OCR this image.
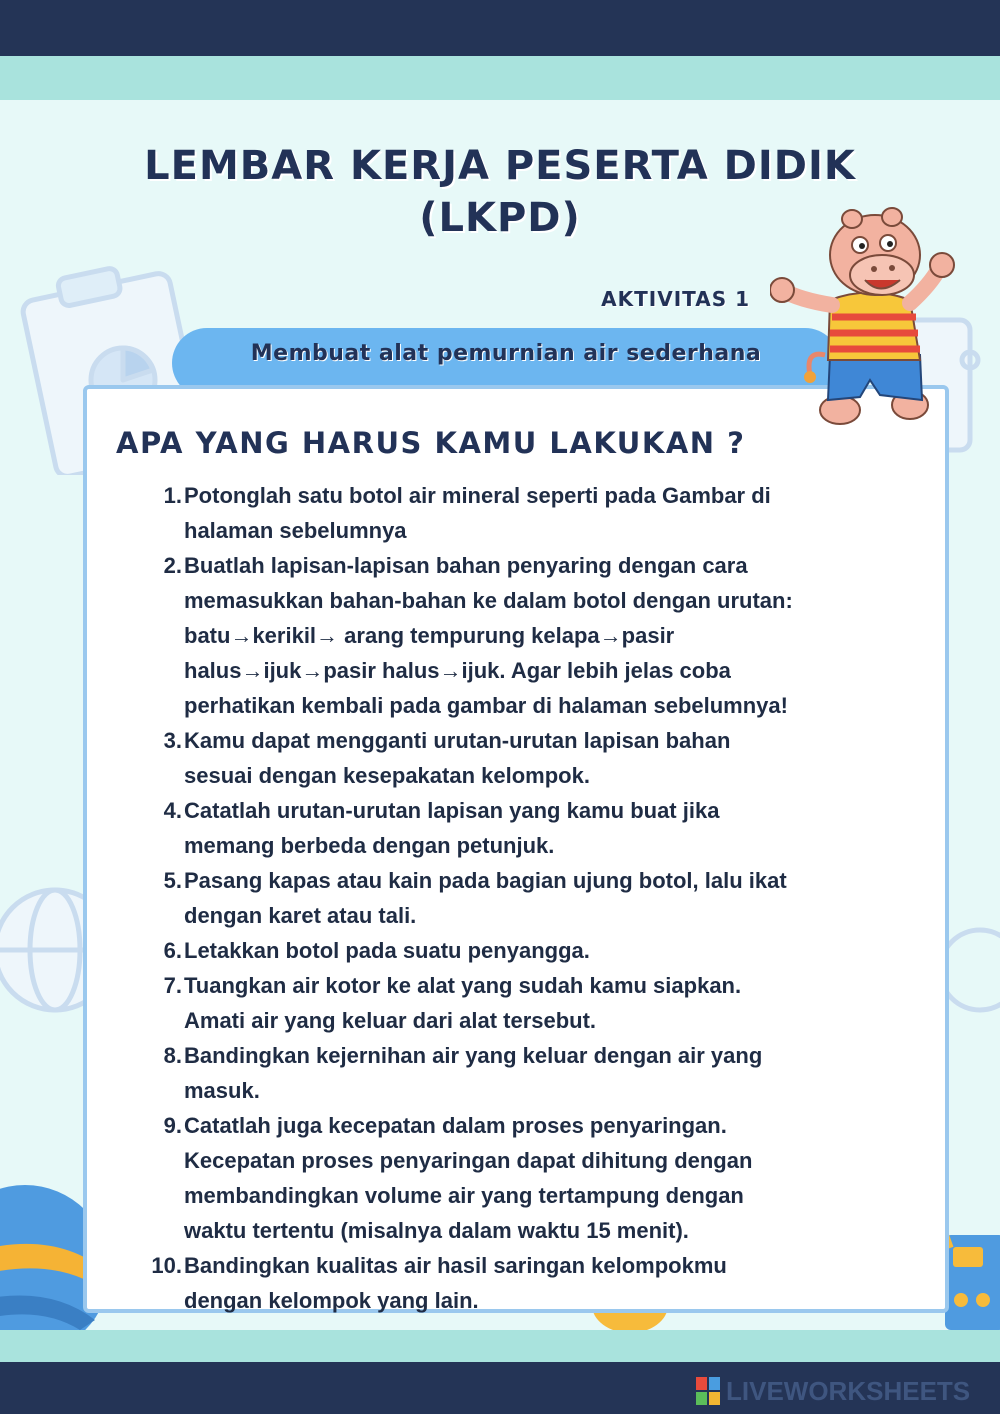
LEMBAR KERJA PESERTA DIDIK
(LKPD)
AKTIVITAS 1
Membuat alat pemurnian air sederhana
APA YANG HARUS KAMU LAKUKAN ?
1. Potonglah satu botol air mineral seperti pada Gambar di
halaman sebelumnya
2. Buatlah lapisan-lapisan bahan penyaring dengan cara
memasukkan bahan-bahan ke dalam botol dengan urutan:
batu→kerikil→ arang tempurung kelapa→pasir
halus→ijuk→pasir halus→ijuk. Agar lebih jelas coba
perhatikan kembali pada gambar di halaman sebelumnya!
3. Kamu dapat mengganti urutan-urutan lapisan bahan
sesuai dengan kesepakatan kelompok.
4. Catatlah urutan-urutan lapisan yang kamu buat jika
memang berbeda dengan petunjuk.
5. Pasang kapas atau kain pada bagian ujung botol, lalu ikat
dengan karet atau tali.
6. Letakkan botol pada suatu penyangga.
7. Tuangkan air kotor ke alat yang sudah kamu siapkan.
Amati air yang keluar dari alat tersebut.
8. Bandingkan kejernihan air yang keluar dengan air yang
masuk.
9. Catatlah juga kecepatan dalam proses penyaringan.
Kecepatan proses penyaringan dapat dihitung dengan
membandingkan volume air yang tertampung dengan
waktu tertentu (misalnya dalam waktu 15 menit).
10. Bandingkan kualitas air hasil saringan kelompokmu
dengan kelompok yang lain.
LIVEWORKSHEETS
